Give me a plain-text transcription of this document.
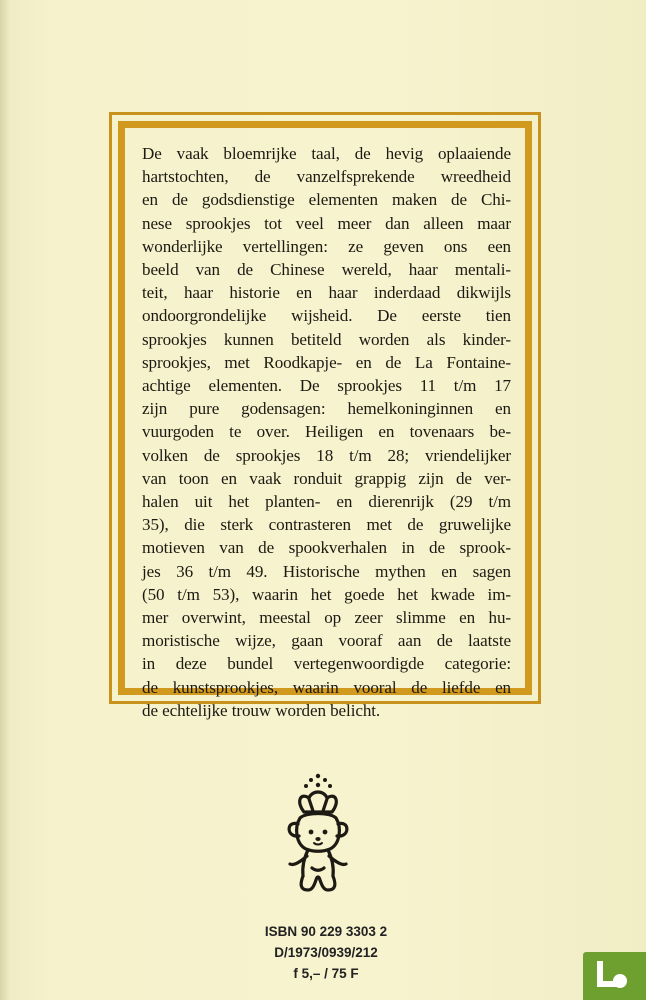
De vaak bloemrijke taal, de hevig oplaaiende
hartstochten, de vanzelfsprekende wreedheid
en de godsdienstige elementen maken de Chi-
nese sprookjes tot veel meer dan alleen maar
wonderlijke vertellingen: ze geven ons een
beeld van de Chinese wereld, haar mentali-
teit, haar historie en haar inderdaad dikwijls
ondoorgrondelijke wijsheid. De eerste tien
sprookjes kunnen betiteld worden als kinder-
sprookjes, met Roodkapje- en de La Fontaine-
achtige elementen. De sprookjes 11 t/m 17
zijn pure godensagen: hemelkoninginnen en
vuurgoden te over. Heiligen en tovenaars be-
volken de sprookjes 18 t/m 28; vriendelijker
van toon en vaak ronduit grappig zijn de ver-
halen uit het planten- en dierenrijk (29 t/m
35), die sterk contrasteren met de gruwelijke
motieven van de spookverhalen in de sprook-
jes 36 t/m 49. Historische mythen en sagen
(50 t/m 53), waarin het goede het kwade im-
mer overwint, meestal op zeer slimme en hu-
moristische wijze, gaan vooraf aan de laatste
in deze bundel vertegenwoordigde categorie:
de kunstsprookjes, waarin vooral de liefde en
de echtelijke trouw worden belicht.
ISBN 90 229 3303 2
D/1973/0939/212
f 5,– / 75 F
